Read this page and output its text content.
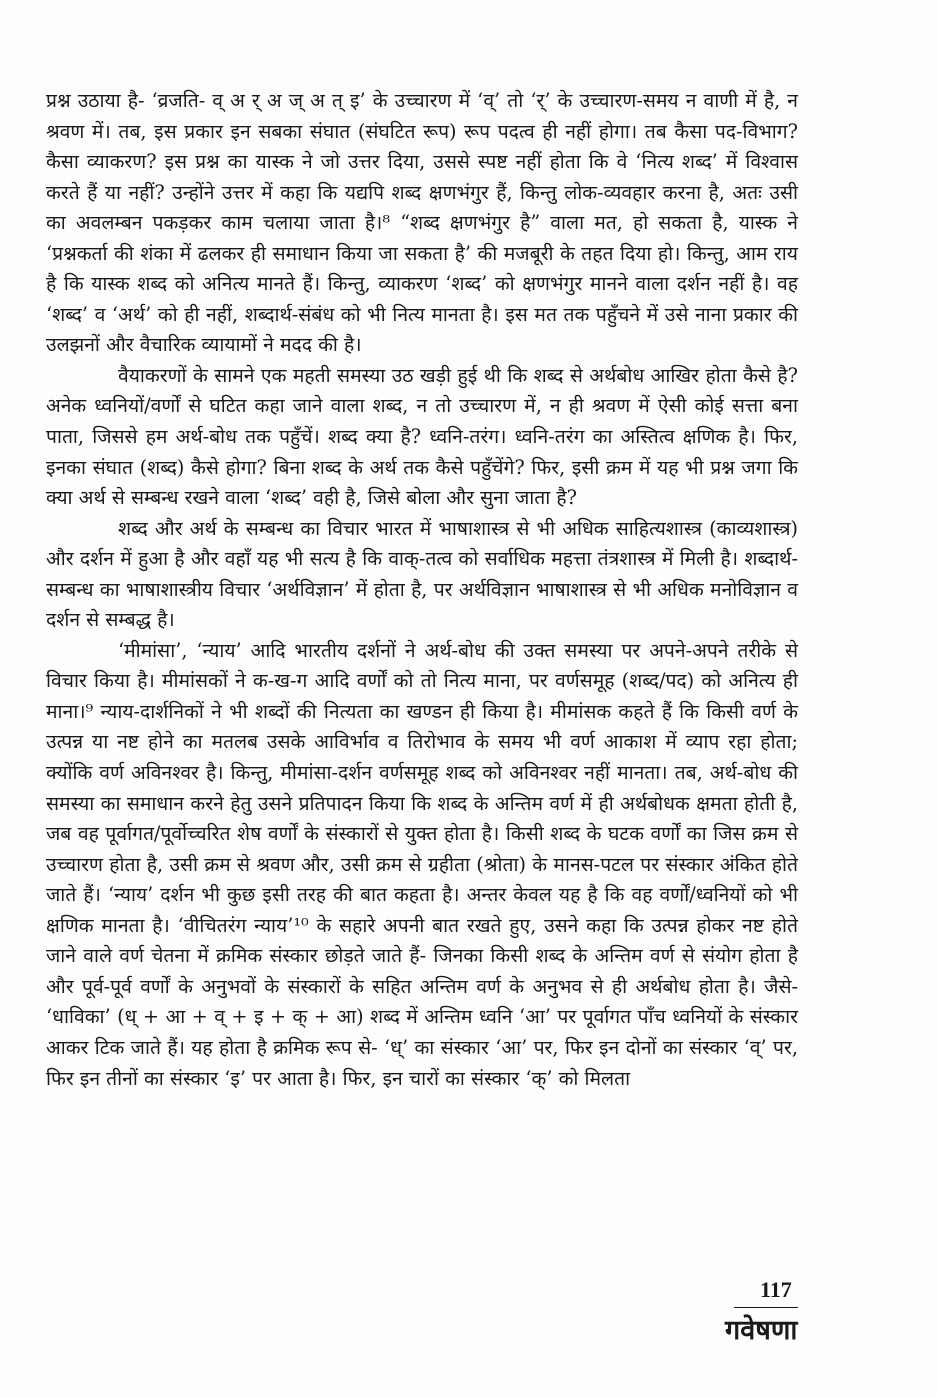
प्रश्न उठाया है- ‘व्रजति- व् अ र् अ ज् अ त् इ’ के उच्चारण में ‘व्’ तो ‘र्’ के उच्चारण-समय न वाणी में है, न श्रवण में। तब, इस प्रकार इन सबका संघात (संघटित रूप) रूप पदत्व ही नहीं होगा। तब कैसा पद-विभाग? कैसा व्याकरण? इस प्रश्न का यास्क ने जो उत्तर दिया, उससे स्पष्ट नहीं होता कि वे ‘नित्य शब्द’ में विश्वास करते हैं या नहीं? उन्होंने उत्तर में कहा कि यद्यपि शब्द क्षणभंगुर हैं, किन्तु लोक-व्यवहार करना है, अतः उसी का अवलम्बन पकड़कर काम चलाया जाता है।⁸ “शब्द क्षणभंगुर है” वाला मत, हो सकता है, यास्क ने ‘प्रश्नकर्ता की शंका में ढलकर ही समाधान किया जा सकता है’ की मजबूरी के तहत दिया हो। किन्तु, आम राय है कि यास्क शब्द को अनित्य मानते हैं। किन्तु, व्याकरण ‘शब्द’ को क्षणभंगुर मानने वाला दर्शन नहीं है। वह ‘शब्द’ व ‘अर्थ’ को ही नहीं, शब्दार्थ-संबंध को भी नित्य मानता है। इस मत तक पहुँचने में उसे नाना प्रकार की उलझनों और वैचारिक व्यायामों ने मदद की है।

वैयाकरणों के सामने एक महती समस्या उठ खड़ी हुई थी कि शब्द से अर्थबोध आखिर होता कैसे है? अनेक ध्वनियों/वर्णों से घटित कहा जाने वाला शब्द, न तो उच्चारण में, न ही श्रवण में ऐसी कोई सत्ता बना पाता, जिससे हम अर्थ-बोध तक पहुँचें। शब्द क्या है? ध्वनि-तरंग। ध्वनि-तरंग का अस्तित्व क्षणिक है। फिर, इनका संघात (शब्द) कैसे होगा? बिना शब्द के अर्थ तक कैसे पहुँचेंगे? फिर, इसी क्रम में यह भी प्रश्न जगा कि क्या अर्थ से सम्बन्ध रखने वाला ‘शब्द’ वही है, जिसे बोला और सुना जाता है?

शब्द और अर्थ के सम्बन्ध का विचार भारत में भाषाशास्त्र से भी अधिक साहित्यशास्त्र (काव्यशास्त्र) और दर्शन में हुआ है और वहाँ यह भी सत्य है कि वाक्-तत्व को सर्वाधिक महत्ता तंत्रशास्त्र में मिली है। शब्दार्थ-सम्बन्ध का भाषाशास्त्रीय विचार ‘अर्थविज्ञान’ में होता है, पर अर्थविज्ञान भाषाशास्त्र से भी अधिक मनोविज्ञान व दर्शन से सम्बद्ध है।

‘मीमांसा’, ‘न्याय’ आदि भारतीय दर्शनों ने अर्थ-बोध की उक्त समस्या पर अपने-अपने तरीके से विचार किया है। मीमांसकों ने क-ख-ग आदि वर्णों को तो नित्य माना, पर वर्णसमूह (शब्द/पद) को अनित्य ही माना।⁹ न्याय-दार्शनिकों ने भी शब्दों की नित्यता का खण्डन ही किया है। मीमांसक कहते हैं कि किसी वर्ण के उत्पन्न या नष्ट होने का मतलब उसके आविर्भाव व तिरोभाव के समय भी वर्ण आकाश में व्याप रहा होता; क्योंकि वर्ण अविनश्वर है। किन्तु, मीमांसा-दर्शन वर्णसमूह शब्द को अविनश्वर नहीं मानता। तब, अर्थ-बोध की समस्या का समाधान करने हेतु उसने प्रतिपादन किया कि शब्द के अन्तिम वर्ण में ही अर्थबोधक क्षमता होती है, जब वह पूर्वागत/पूर्वोच्चरित शेष वर्णों के संस्कारों से युक्त होता है। किसी शब्द के घटक वर्णों का जिस क्रम से उच्चारण होता है, उसी क्रम से श्रवण और, उसी क्रम से ग्रहीता (श्रोता) के मानस-पटल पर संस्कार अंकित होते जाते हैं। ‘न्याय’ दर्शन भी कुछ इसी तरह की बात कहता है। अन्तर केवल यह है कि वह वर्णों/ध्वनियों को भी क्षणिक मानता है। ‘वीचितरंग न्याय’¹⁰ के सहारे अपनी बात रखते हुए, उसने कहा कि उत्पन्न होकर नष्ट होते जाने वाले वर्ण चेतना में क्रमिक संस्कार छोड़ते जाते हैं- जिनका किसी शब्द के अन्तिम वर्ण से संयोग होता है और पूर्व-पूर्व वर्णों के अनुभवों के संस्कारों के सहित अन्तिम वर्ण के अनुभव से ही अर्थबोध होता है। जैसे- ‘धाविका’ (ध् + आ + व् + इ + क् + आ) शब्द में अन्तिम ध्वनि ‘आ’ पर पूर्वागत पाँच ध्वनियों के संस्कार आकर टिक जाते हैं। यह होता है क्रमिक रूप से- ‘ध्’ का संस्कार ‘आ’ पर, फिर इन दोनों का संस्कार ‘व्’ पर, फिर इन तीनों का संस्कार ‘इ’ पर आता है। फिर, इन चारों का संस्कार ‘क्’ को मिलता

117
गवेषणा
